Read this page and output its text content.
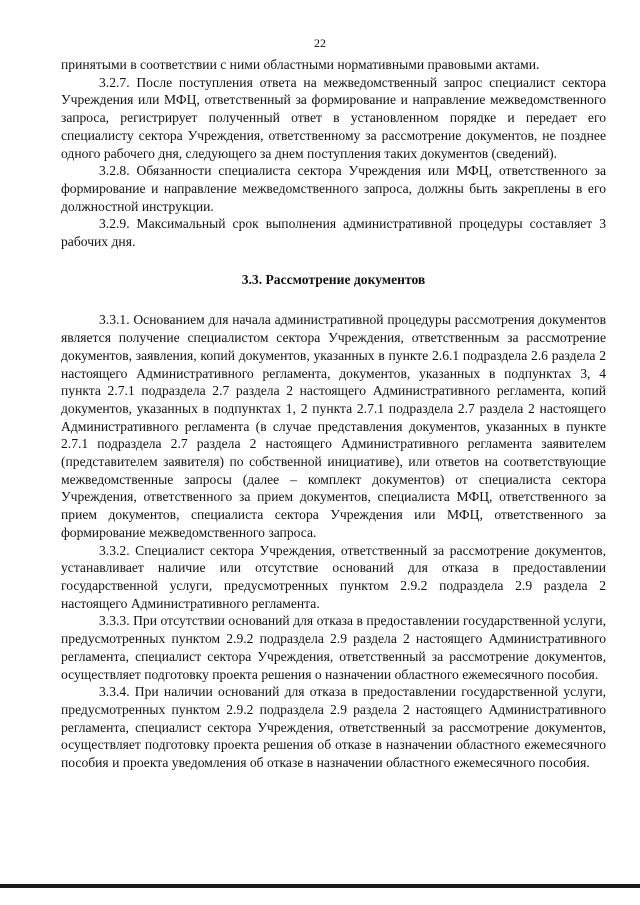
22

принятыми в соответствии с ними областными нормативными правовыми актами.

3.2.7. После поступления ответа на межведомственный запрос специалист сектора Учреждения или МФЦ, ответственный за формирование и направление межведомственного запроса, регистрирует полученный ответ в установленном порядке и передает его специалисту сектора Учреждения, ответственному за рассмотрение документов, не позднее одного рабочего дня, следующего за днем поступления таких документов (сведений).

3.2.8. Обязанности специалиста сектора Учреждения или МФЦ, ответственного за формирование и направление межведомственного запроса, должны быть закреплены в его должностной инструкции.

3.2.9. Максимальный срок выполнения административной процедуры составляет 3 рабочих дня.

3.3. Рассмотрение документов

3.3.1. Основанием для начала административной процедуры рассмотрения документов является получение специалистом сектора Учреждения, ответственным за рассмотрение документов, заявления, копий документов, указанных в пункте 2.6.1 подраздела 2.6 раздела 2 настоящего Административного регламента, документов, указанных в подпунктах 3, 4 пункта 2.7.1 подраздела 2.7 раздела 2 настоящего Административного регламента, копий документов, указанных в подпунктах 1, 2 пункта 2.7.1 подраздела 2.7 раздела 2 настоящего Административного регламента (в случае представления документов, указанных в пункте 2.7.1 подраздела 2.7 раздела 2 настоящего Административного регламента заявителем (представителем заявителя) по собственной инициативе), или ответов на соответствующие межведомственные запросы (далее – комплект документов) от специалиста сектора Учреждения, ответственного за прием документов, специалиста МФЦ, ответственного за прием документов, специалиста сектора Учреждения или МФЦ, ответственного за формирование межведомственного запроса.

3.3.2. Специалист сектора Учреждения, ответственный за рассмотрение документов, устанавливает наличие или отсутствие оснований для отказа в предоставлении государственной услуги, предусмотренных пунктом 2.9.2 подраздела 2.9 раздела 2 настоящего Административного регламента.

3.3.3. При отсутствии оснований для отказа в предоставлении государственной услуги, предусмотренных пунктом 2.9.2 подраздела 2.9 раздела 2 настоящего Административного регламента, специалист сектора Учреждения, ответственный за рассмотрение документов, осуществляет подготовку проекта решения о назначении областного ежемесячного пособия.

3.3.4. При наличии оснований для отказа в предоставлении государственной услуги, предусмотренных пунктом 2.9.2 подраздела 2.9 раздела 2 настоящего Административного регламента, специалист сектора Учреждения, ответственный за рассмотрение документов, осуществляет подготовку проекта решения об отказе в назначении областного ежемесячного пособия и проекта уведомления об отказе в назначении областного ежемесячного пособия.
